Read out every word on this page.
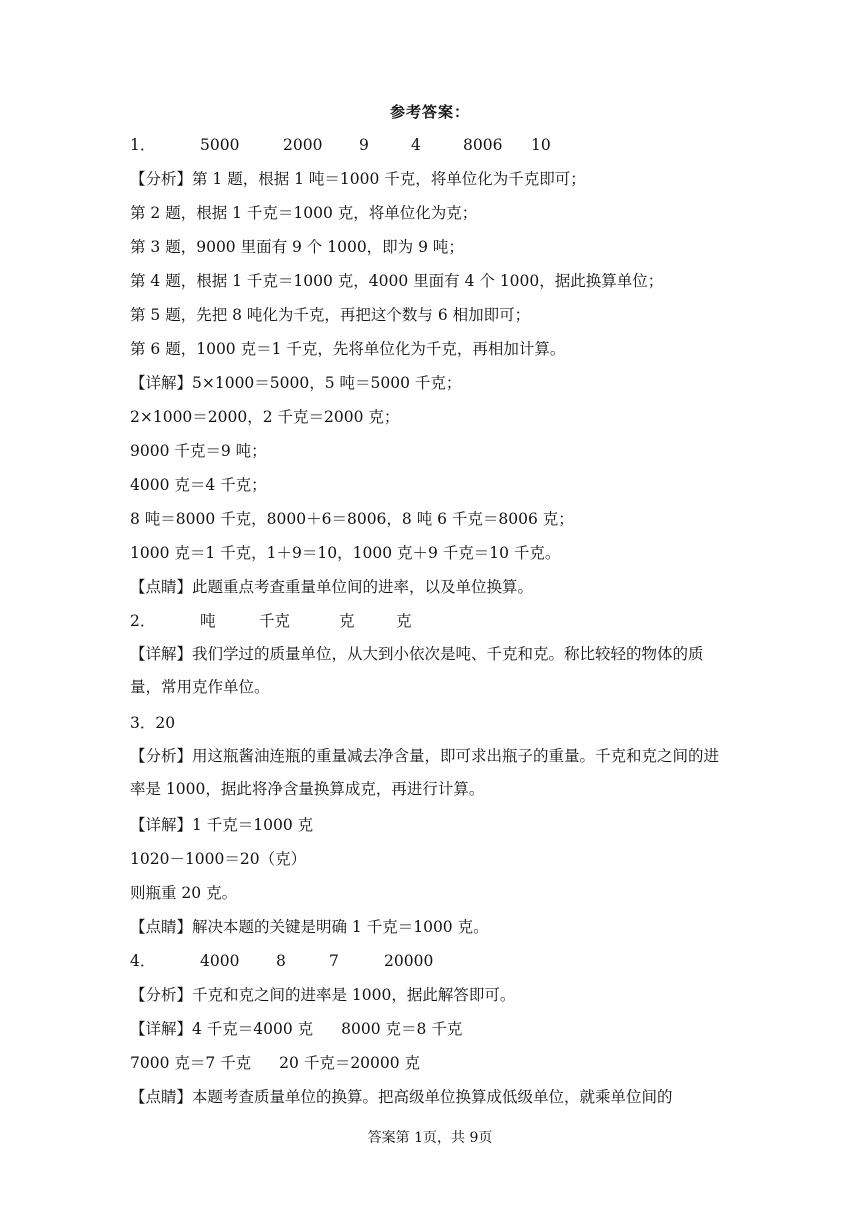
参考答案：
1．	5000	2000	9	4	8006	10
【分析】第 1 题，根据 1 吨＝1000 千克，将单位化为千克即可；
第 2 题，根据 1 千克＝1000 克，将单位化为克；
第 3 题，9000 里面有 9 个 1000，即为 9 吨；
第 4 题，根据 1 千克＝1000 克，4000 里面有 4 个 1000，据此换算单位；
第 5 题，先把 8 吨化为千克，再把这个数与 6 相加即可；
第 6 题，1000 克＝1 千克，先将单位化为千克，再相加计算。
【详解】5×1000＝5000，5 吨＝5000 千克；
2×1000＝2000，2 千克＝2000 克；
9000 千克＝9 吨；
4000 克＝4 千克；
8 吨＝8000 千克，8000＋6＝8006，8 吨 6 千克＝8006 克；
1000 克＝1 千克，1＋9＝10，1000 克＋9 千克＝10 千克。
【点睛】此题重点考查重量单位间的进率，以及单位换算。
2．	吨	千克	克	克
【详解】我们学过的质量单位，从大到小依次是吨、千克和克。称比较轻的物体的质量，常用克作单位。
3．20
【分析】用这瓶酱油连瓶的重量减去净含量，即可求出瓶子的重量。千克和克之间的进率是 1000，据此将净含量换算成克，再进行计算。
【详解】1 千克＝1000 克
1020－1000＝20（克）
则瓶重 20 克。
【点睛】解决本题的关键是明确 1 千克＝1000 克。
4．	4000	8	7	20000
【分析】千克和克之间的进率是 1000，据此解答即可。
【详解】4 千克＝4000 克 8000 克＝8 千克
7000 克＝7 千克 20 千克＝20000 克
【点睛】本题考查质量单位的换算。把高级单位换算成低级单位，就乘单位间的
答案第 1页，共 9页
